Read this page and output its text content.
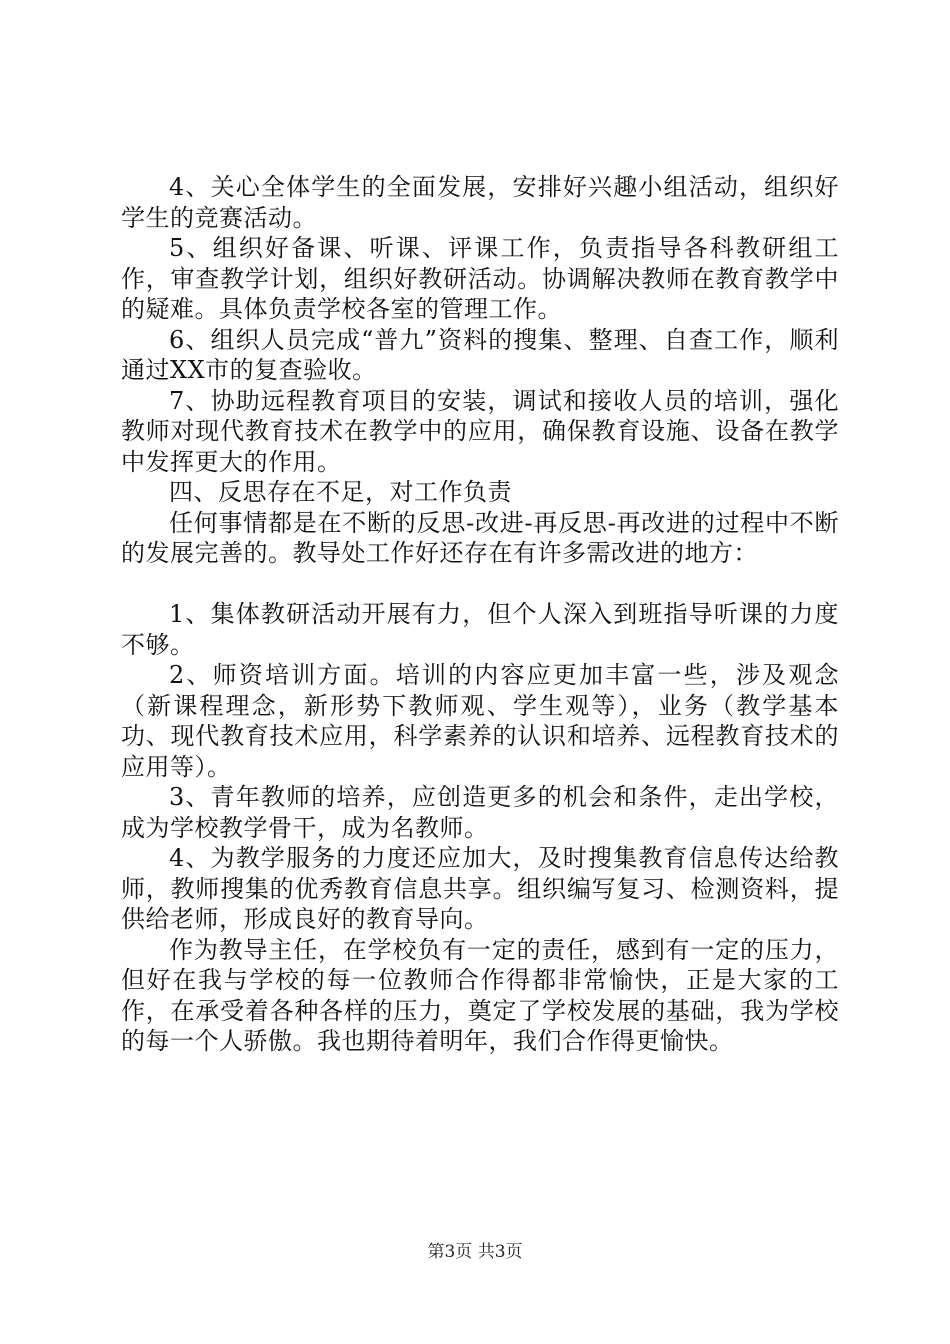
4、关心全体学生的全面发展，安排好兴趣小组活动，组织好学生的竞赛活动。

5、组织好备课、听课、评课工作，负责指导各科教研组工作，审查教学计划，组织好教研活动。协调解决教师在教育教学中的疑难。具体负责学校各室的管理工作。

6、组织人员完成“普九”资料的搜集、整理、自查工作，顺利通过XX市的复查验收。

7、协助远程教育项目的安装，调试和接收人员的培训，强化教师对现代教育技术在教学中的应用，确保教育设施、设备在教学中发挥更大的作用。

四、反思存在不足，对工作负责

任何事情都是在不断的反思-改进-再反思-再改进的过程中不断的发展完善的。教导处工作好还存在有许多需改进的地方：

1、集体教研活动开展有力，但个人深入到班指导听课的力度不够。

2、师资培训方面。培训的内容应更加丰富一些，涉及观念（新课程理念，新形势下教师观、学生观等），业务（教学基本功、现代教育技术应用，科学素养的认识和培养、远程教育技术的应用等）。

3、青年教师的培养，应创造更多的机会和条件，走出学校，成为学校教学骨干，成为名教师。

4、为教学服务的力度还应加大，及时搜集教育信息传达给教师，教师搜集的优秀教育信息共享。组织编写复习、检测资料，提供给老师，形成良好的教育导向。

作为教导主任，在学校负有一定的责任，感到有一定的压力，但好在我与学校的每一位教师合作得都非常愉快，正是大家的工作，在承受着各种各样的压力，奠定了学校发展的基础，我为学校的每一个人骄傲。我也期待着明年，我们合作得更愉快。

第3页 共3页
